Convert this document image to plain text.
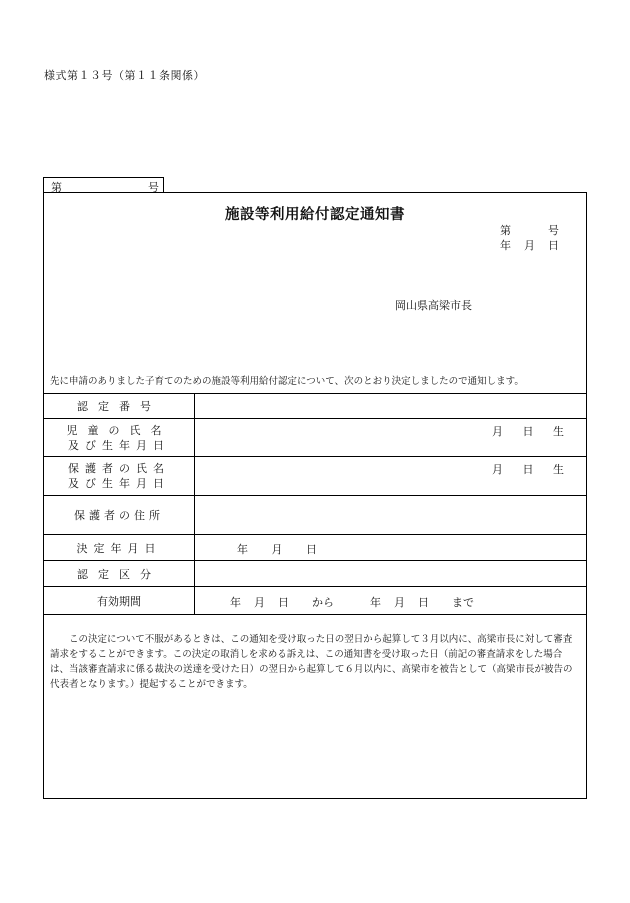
様式第１３号（第１１条関係）
第	号
施設等利用給付認定通知書
第	号
年 月 日
岡山県高梁市長
先に申請のありました子育てのための施設等利用給付認定について、次のとおり決定しましたので通知します。
認定番号	

児童の氏名
及び生年月日	月 日 生

保護者の氏名
及び生年月日	月 日 生

保護者の住所	
決定年月日	年 月 日

認定区分	
有効期間	年 月 日 から 年 月 日 まで
この決定について不服があるときは、この通知を受け取った日の翌日から起算して３月以内に、高梁市長に対して審査請求をすることができます。この決定の取消しを求める訴えは、この通知書を受け取った日（前記の審査請求をした場合は、当該審査請求に係る裁決の送達を受けた日）の翌日から起算して６月以内に、高梁市を被告として（高梁市長が被告の代表者となります。）提起することができます。
